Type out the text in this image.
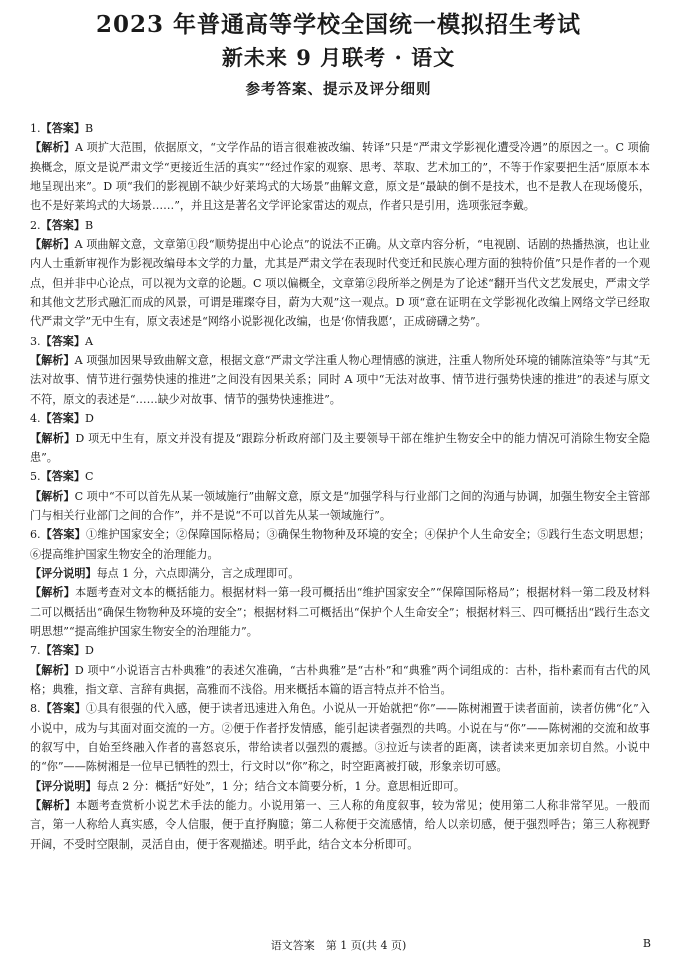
2023 年普通高等学校全国统一模拟招生考试
新未来 9 月联考 · 语文
参考答案、提示及评分细则

1.【答案】B

【解析】A 项扩大范围，依据原文，“文学作品的语言很难被改编、转译”只是“严肃文学影视化遭受冷遇”的原因之一。C 项偷换概念，原文是说严肃文学“更接近生活的真实”“经过作家的观察、思考、萃取、艺术加工的”，不等于作家要把生活“原原本本地呈现出来”。D 项“我们的影视剧不缺少好莱坞式的大场景”曲解文意，原文是“最缺的倒不是技术，也不是教人在现场傻乐，也不是好莱坞式的大场景……”，并且这是著名文学评论家雷达的观点，作者只是引用，选项张冠李戴。

2.【答案】B

【解析】A 项曲解文意，文章第①段“顺势提出中心论点”的说法不正确。从文章内容分析，“电视剧、话剧的热播热演，也让业内人士重新审视作为影视改编母本文学的力量，尤其是严肃文学在表现时代变迁和民族心理方面的独特价值”只是作者的一个观点，但并非中心论点，可以视为文章的论题。C 项以偏概全，文章第②段所举之例是为了论述“翻开当代文艺发展史，严肃文学和其他文艺形式融汇而成的风景，可谓是璀璨夺目，蔚为大观”这一观点。D 项“意在证明在文学影视化改编上网络文学已经取代严肃文学”无中生有，原文表述是“网络小说影视化改编，也是‘你情我愿’，正成磅礴之势”。

3.【答案】A

【解析】A 项强加因果导致曲解文意，根据文意“严肃文学注重人物心理情感的演进，注重人物所处环境的铺陈渲染等”与其“无法对故事、情节进行强势快速的推进”之间没有因果关系；同时 A 项中“无法对故事、情节进行强势快速的推进”的表述与原文不符，原文的表述是“……缺少对故事、情节的强势快速推进”。

4.【答案】D

【解析】D 项无中生有，原文并没有提及“跟踪分析政府部门及主要领导干部在维护生物安全中的能力情况可消除生物安全隐患”。

5.【答案】C

【解析】C 项中“不可以首先从某一领域施行”曲解文意，原文是“加强学科与行业部门之间的沟通与协调，加强生物安全主管部门与相关行业部门之间的合作”，并不是说“不可以首先从某一领域施行”。

6.【答案】①维护国家安全；②保障国际格局；③确保生物物种及环境的安全；④保护个人生命安全；⑤践行生态文明思想；⑥提高维护国家生物安全的治理能力。

【评分说明】每点 1 分，六点即满分，言之成理即可。

【解析】本题考查对文本的概括能力。根据材料一第一段可概括出“维护国家安全”“保障国际格局”；根据材料一第二段及材料二可以概括出“确保生物物种及环境的安全”；根据材料二可概括出“保护个人生命安全”；根据材料三、四可概括出“践行生态文明思想”“提高维护国家生物安全的治理能力”。

7.【答案】D

【解析】D 项中“小说语言古朴典雅”的表述欠准确，“古朴典雅”是“古朴”和“典雅”两个词组成的：古朴，指朴素而有古代的风格；典雅，指文章、言辞有典据，高雅而不浅俗。用来概括本篇的语言特点并不恰当。

8.【答案】①具有很强的代入感，便于读者迅速进入角色。小说从一开始就把“你”——陈树湘置于读者面前，读者仿佛“化”入小说中，成为与其面对面交流的一方。②便于作者抒发情感，能引起读者强烈的共鸣。小说在与“你”——陈树湘的交流和故事的叙写中，自始至终融入作者的喜怒哀乐，带给读者以强烈的震撼。③拉近与读者的距离，读者读来更加亲切自然。小说中的“你”——陈树湘是一位早已牺牲的烈士，行文时以“你”称之，时空距离被打破，形象亲切可感。

【评分说明】每点 2 分：概括“好处”，1 分；结合文本简要分析，1 分。意思相近即可。

【解析】本题考查赏析小说艺术手法的能力。小说用第一、三人称的角度叙事，较为常见；使用第二人称非常罕见。一般而言，第一人称给人真实感，令人信服，便于直抒胸臆；第二人称便于交流感情，给人以亲切感，便于强烈呼告；第三人称视野开阔，不受时空限制，灵活自由，便于客观描述。明乎此，结合文本分析即可。

语文答案　第 1 页(共 4 页)	B
